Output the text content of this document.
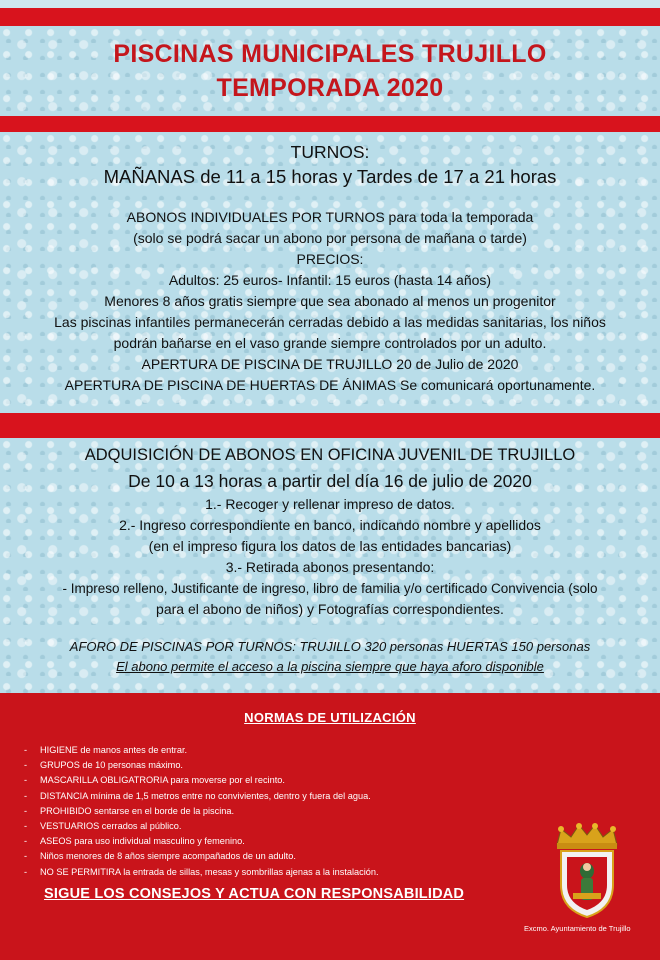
PISCINAS MUNICIPALES TRUJILLO
TEMPORADA 2020
TURNOS:
MAÑANAS de 11 a 15 horas y Tardes de 17 a 21 horas
ABONOS INDIVIDUALES POR TURNOS para toda la temporada
(solo se podrá sacar un abono por persona de mañana o tarde)
PRECIOS:
Adultos: 25 euros- Infantil: 15 euros (hasta 14 años)
Menores 8 años gratis siempre que sea abonado al menos un progenitor
Las piscinas infantiles permanecerán cerradas debido a las medidas sanitarias, los niños
podrán bañarse en el vaso grande siempre controlados por un adulto.
APERTURA DE PISCINA DE TRUJILLO 20 de Julio de 2020
APERTURA DE PISCINA DE HUERTAS DE ÁNIMAS Se comunicará oportunamente.
ADQUISICIÓN DE ABONOS EN OFICINA JUVENIL DE TRUJILLO
De 10 a 13 horas a partir del día 16 de julio de 2020
1.- Recoger y rellenar impreso de datos.
2.- Ingreso correspondiente en banco, indicando nombre y apellidos
(en el impreso figura los datos de las entidades bancarias)
3.- Retirada abonos presentando:
- Impreso relleno, Justificante de ingreso, libro de familia y/o certificado Convivencia (solo
para el abono de niños) y Fotografías correspondientes.
AFORO DE PISCINAS POR TURNOS: TRUJILLO 320 personas HUERTAS 150 personas
El abono permite el acceso a la piscina siempre que haya aforo disponible
NORMAS DE UTILIZACIÓN
- HIGIENE de manos antes de entrar.
- GRUPOS de 10 personas máximo.
- MASCARILLA OBLIGATRORIA para moverse por el recinto.
- DISTANCIA mínima de 1,5 metros entre no convivientes, dentro y fuera del agua.
- PROHIBIDO sentarse en el borde de la piscina.
- VESTUARIOS cerrados al público.
- ASEOS para uso individual masculino y femenino.
- Niños menores de 8 años siempre acompañados de un adulto.
- NO SE PERMITIRA la entrada de sillas, mesas y sombrillas ajenas a la instalación.
SIGUE LOS CONSEJOS Y ACTUA CON RESPONSABILIDAD
Excmo. Ayuntamiento de Trujillo
